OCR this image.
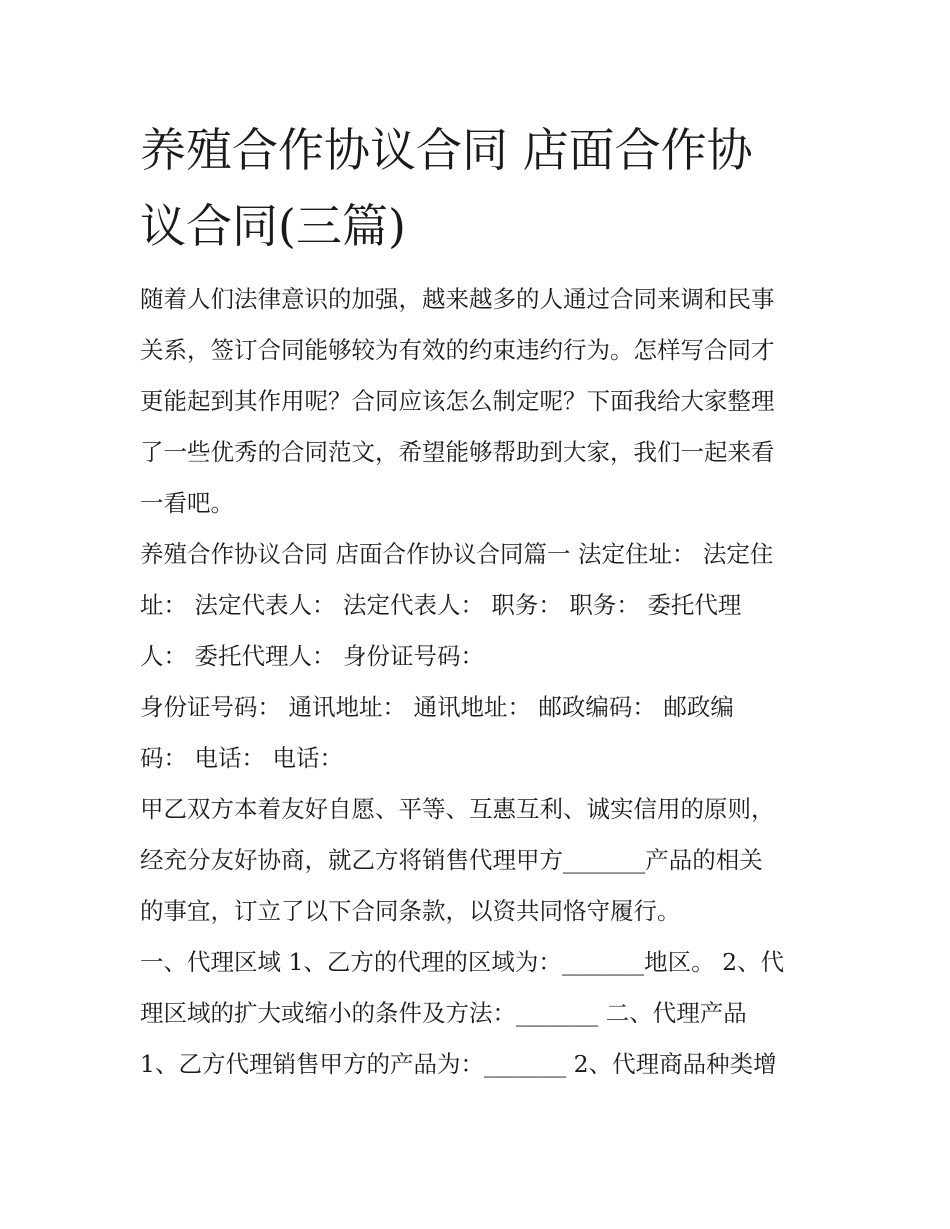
养殖合作协议合同 店面合作协
议合同(三篇)
随着人们法律意识的加强，越来越多的人通过合同来调和民事
关系，签订合同能够较为有效的约束违约行为。怎样写合同才
更能起到其作用呢？合同应该怎么制定呢？下面我给大家整理
了一些优秀的合同范文，希望能够帮助到大家，我们一起来看
一看吧。
养殖合作协议合同 店面合作协议合同篇一 法定住址： 法定住
址： 法定代表人： 法定代表人： 职务： 职务： 委托代理
人： 委托代理人： 身份证号码：
身份证号码： 通讯地址： 通讯地址： 邮政编码： 邮政编
码： 电话： 电话：
甲乙双方本着友好自愿、平等、互惠互利、诚实信用的原则，
经充分友好协商，就乙方将销售代理甲方_______产品的相关
的事宜，订立了以下合同条款，以资共同恪守履行。
一、代理区域 1、乙方的代理的区域为：_______地区。 2、代
理区域的扩大或缩小的条件及方法：_______ 二、代理产品
1、乙方代理销售甲方的产品为：_______ 2、代理商品种类增
